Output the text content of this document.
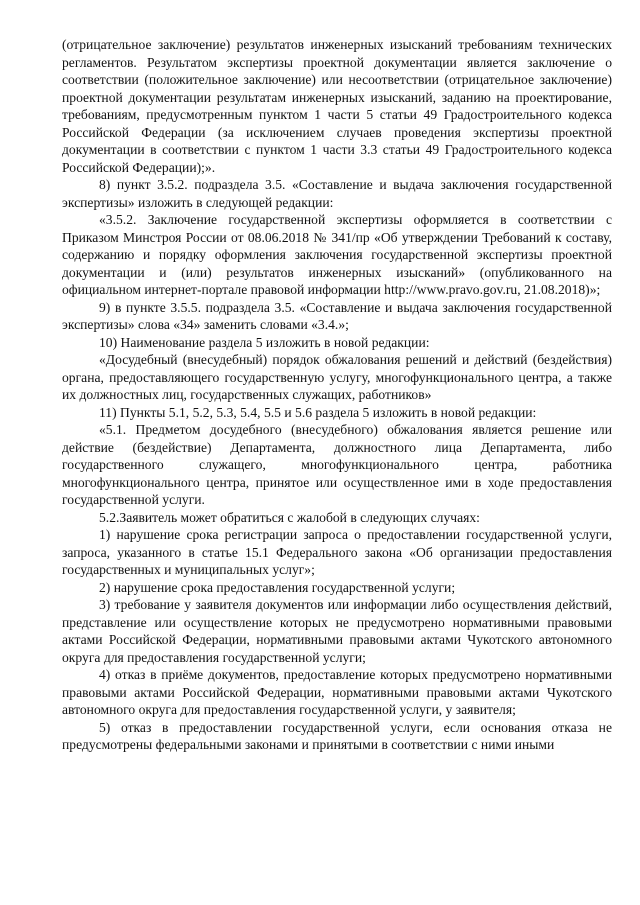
(отрицательное заключение) результатов инженерных изысканий требованиям технических регламентов. Результатом экспертизы проектной документации является заключение о соответствии (положительное заключение) или несоответствии (отрицательное заключение) проектной документации результатам инженерных изысканий, заданию на проектирование, требованиям, предусмотренным пунктом 1 части 5 статьи 49 Градостроительного кодекса Российской Федерации (за исключением случаев проведения экспертизы проектной документации в соответствии с пунктом 1 части 3.3 статьи 49 Градостроительного кодекса Российской Федерации);».

8) пункт 3.5.2. подраздела 3.5. «Составление и выдача заключения государственной экспертизы» изложить в следующей редакции:

«3.5.2. Заключение государственной экспертизы оформляется в соответствии с Приказом Минстроя России от 08.06.2018 № 341/пр «Об утверждении Требований к составу, содержанию и порядку оформления заключения государственной экспертизы проектной документации и (или) результатов инженерных изысканий» (опубликованного на официальном интернет-портале правовой информации http://www.pravo.gov.ru, 21.08.2018)»;

9) в пункте 3.5.5. подраздела 3.5. «Составление и выдача заключения государственной экспертизы» слова «34» заменить словами «3.4.»;

10) Наименование раздела 5 изложить в новой редакции:

«Досудебный (внесудебный) порядок обжалования решений и действий (бездействия) органа, предоставляющего государственную услугу, многофункционального центра, а также их должностных лиц, государственных служащих, работников»

11) Пункты 5.1, 5.2, 5.3, 5.4, 5.5 и 5.6 раздела 5 изложить в новой редакции:

«5.1. Предметом досудебного (внесудебного) обжалования является решение или действие (бездействие) Департамента, должностного лица Департамента, либо государственного служащего, многофункционального центра, работника многофункционального центра, принятое или осуществленное ими в ходе предоставления государственной услуги.

5.2.Заявитель может обратиться с жалобой в следующих случаях:

1) нарушение срока регистрации запроса о предоставлении государственной услуги, запроса, указанного в статье 15.1 Федерального закона «Об организации предоставления государственных и муниципальных услуг»;

2) нарушение срока предоставления государственной услуги;

3) требование у заявителя документов или информации либо осуществления действий, представление или осуществление которых не предусмотрено нормативными правовыми актами Российской Федерации, нормативными правовыми актами Чукотского автономного округа для предоставления государственной услуги;

4) отказ в приёме документов, предоставление которых предусмотрено нормативными правовыми актами Российской Федерации, нормативными правовыми актами Чукотского автономного округа для предоставления государственной услуги, у заявителя;

5) отказ в предоставлении государственной услуги, если основания отказа не предусмотрены федеральными законами и принятыми в соответствии с ними иными
